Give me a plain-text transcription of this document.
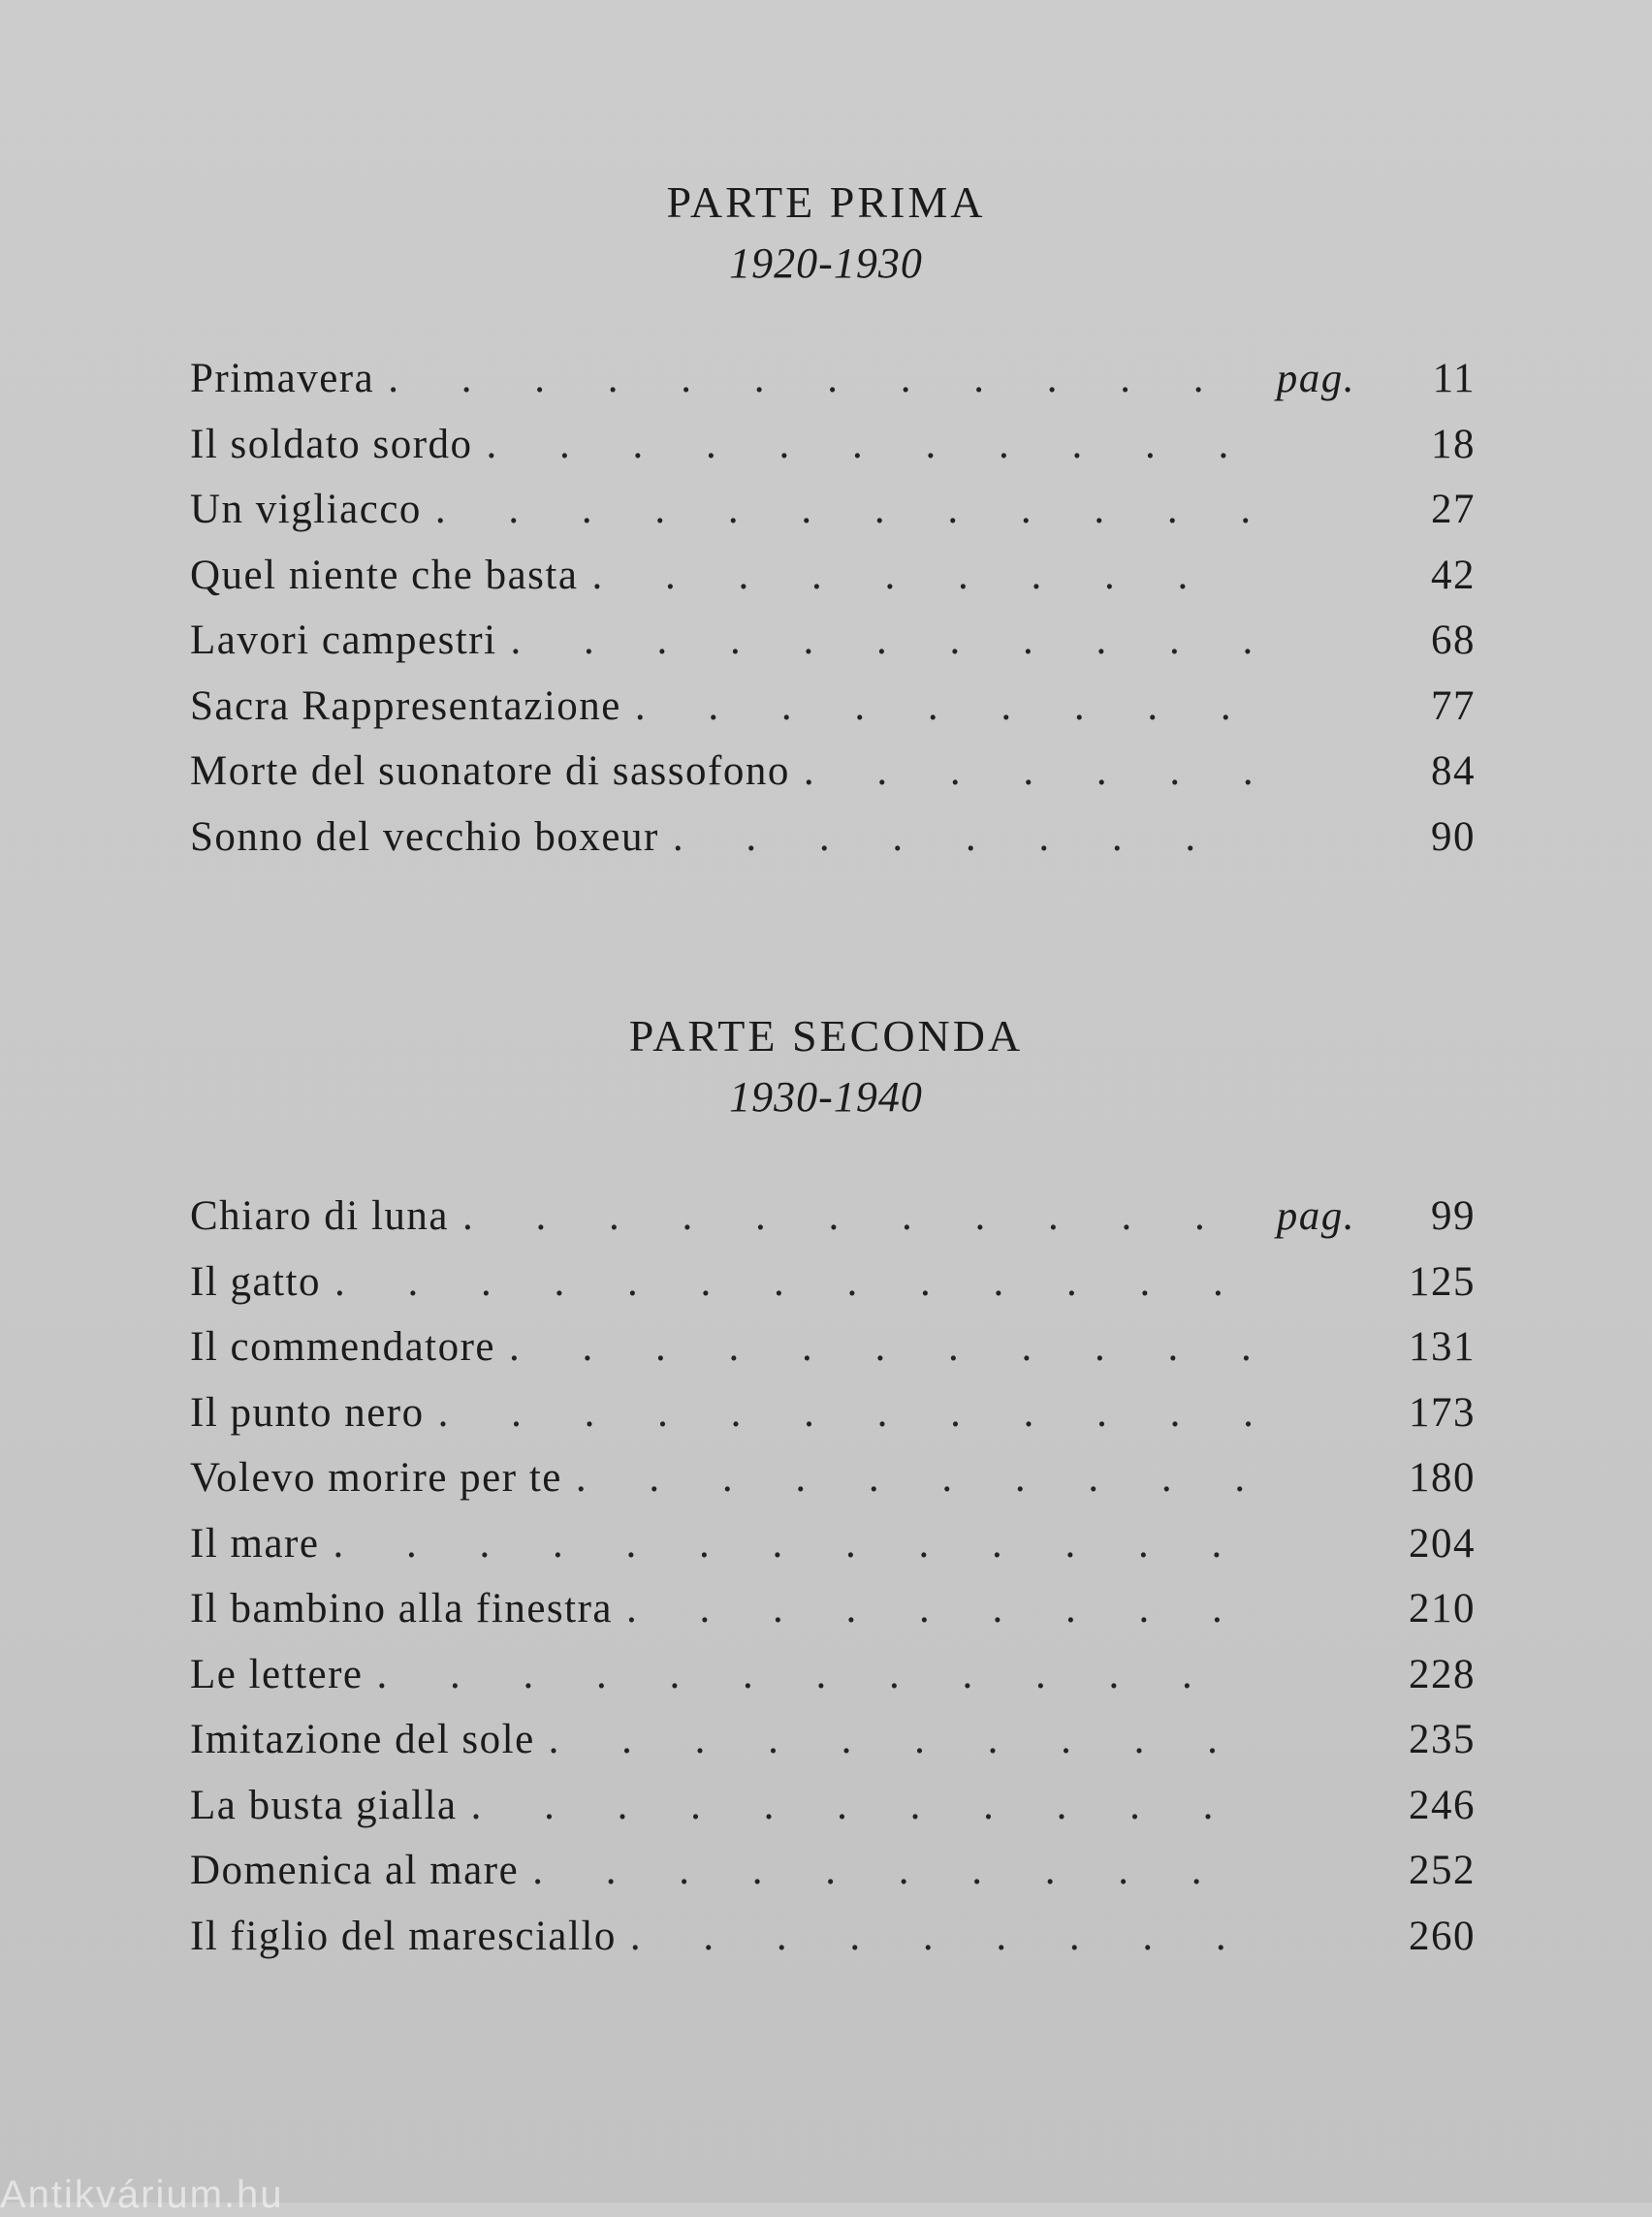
PARTE PRIMA
1920-1930
Primavera . . .	pag.	11
Il soldato sordo . . .	18
Un vigliacco . . .	27
Quel niente che basta . . .	42
Lavori campestri . . .	68
Sacra Rappresentazione . . .	77
Morte del suonatore di sassofono . . .	84
Sonno del vecchio boxeur . . .	90
PARTE SECONDA
1930-1940
Chiaro di luna . . .	pag.	99
Il gatto . . .	125
Il commendatore . . .	131
Il punto nero . . .	173
Volevo morire per te . . .	180
Il mare . . .	204
Il bambino alla finestra . . .	210
Le lettere . . .	228
Imitazione del sole . . .	235
La busta gialla . . .	246
Domenica al mare . . .	252
Il figlio del maresciallo . . .	260
Antikvárium.hu
